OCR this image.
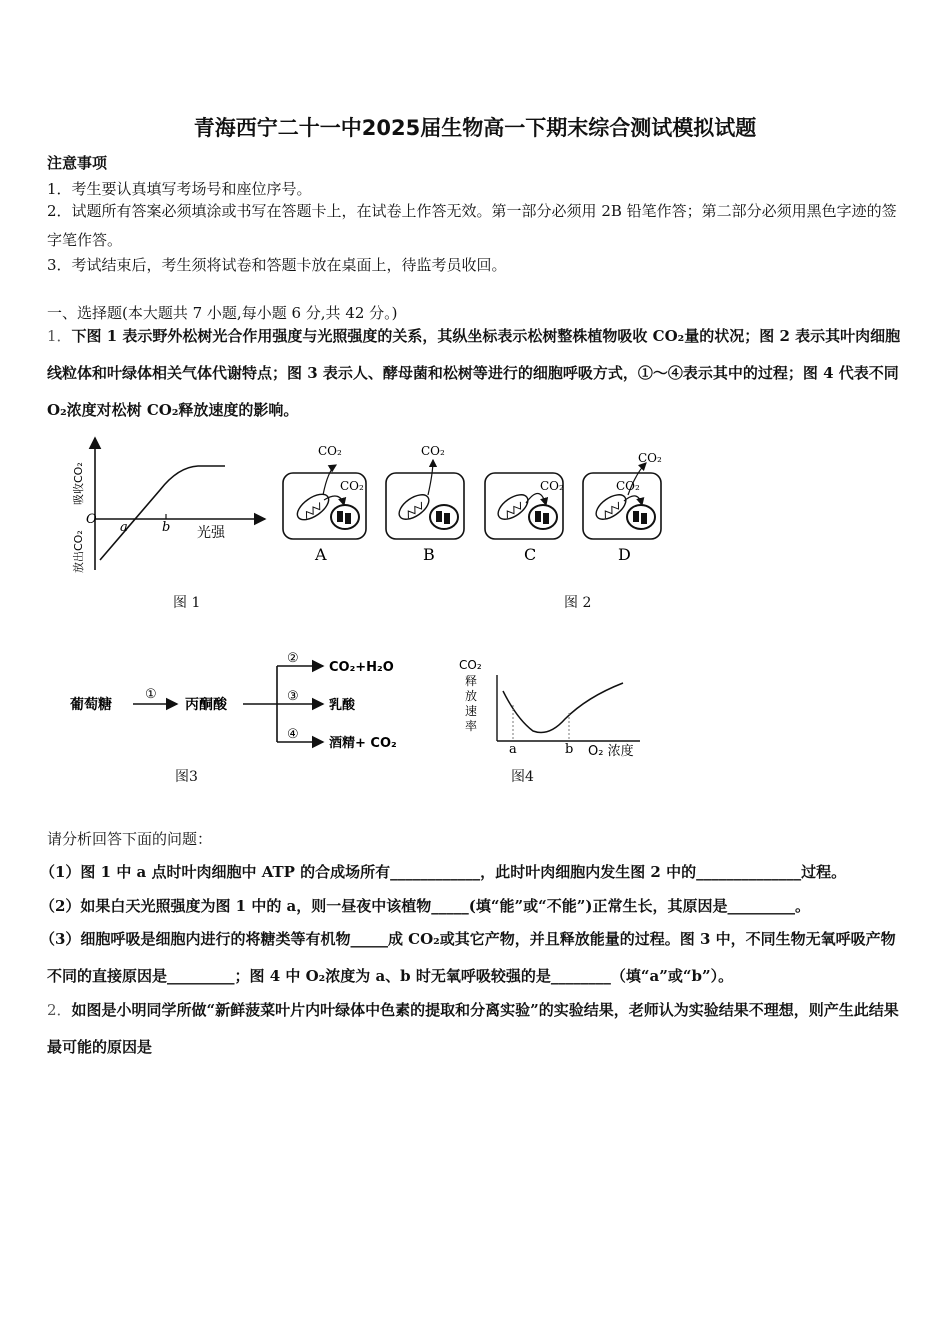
青海西宁二十一中2025届生物高一下期末综合测试模拟试题
注意事项
1．考生要认真填写考场号和座位序号。
2．试题所有答案必须填涂或书写在答题卡上，在试卷上作答无效。第一部分必须用 2B 铅笔作答；第二部分必须用黑色字迹的签字笔作答。
3．考试结束后，考生须将试卷和答题卡放在桌面上，待监考员收回。
一、选择题(本大题共 7 小题,每小题 6 分,共 42 分。)
1．下图 1 表示野外松树光合作用强度与光照强度的关系，其纵坐标表示松树整株植物吸收 CO₂量的状况；图 2 表示其叶肉细胞线粒体和叶绿体相关气体代谢特点；图 3 表示人、酵母菌和松树等进行的细胞呼吸方式，①～④表示其中的过程；图 4 代表不同 O₂浓度对松树 CO₂释放速度的影响。
O
a	b 光强
吸收CO₂
放出CO₂
图 1
CO₂
CO₂
CO₂
CO₂
CO₂
CO₂
A	B	C	D
图 2
葡萄糖
①
丙酮酸
②
③
④
CO₂+H₂O
乳酸
酒精+ CO₂
图3
a	b O₂ 浓度
CO₂
释
放
速
率
图4
请分析回答下面的问题：
（1）图 1 中 a 点时叶肉细胞中 ATP 的合成场所有____________，此时叶肉细胞内发生图 2 中的______________过程。
（2）如果白天光照强度为图 1 中的 a，则一昼夜中该植物_____(填“能”或“不能”)正常生长，其原因是_________。
（3）细胞呼吸是细胞内进行的将糖类等有机物_____成 CO₂或其它产物，并且释放能量的过程。图 3 中，不同生物无氧呼吸产物不同的直接原因是_________；图 4 中 O₂浓度为 a、b 时无氧呼吸较强的是________（填“a”或“b”）。
2．如图是小明同学所做“新鲜菠菜叶片内叶绿体中色素的提取和分离实验”的实验结果，老师认为实验结果不理想，则产生此结果最可能的原因是
